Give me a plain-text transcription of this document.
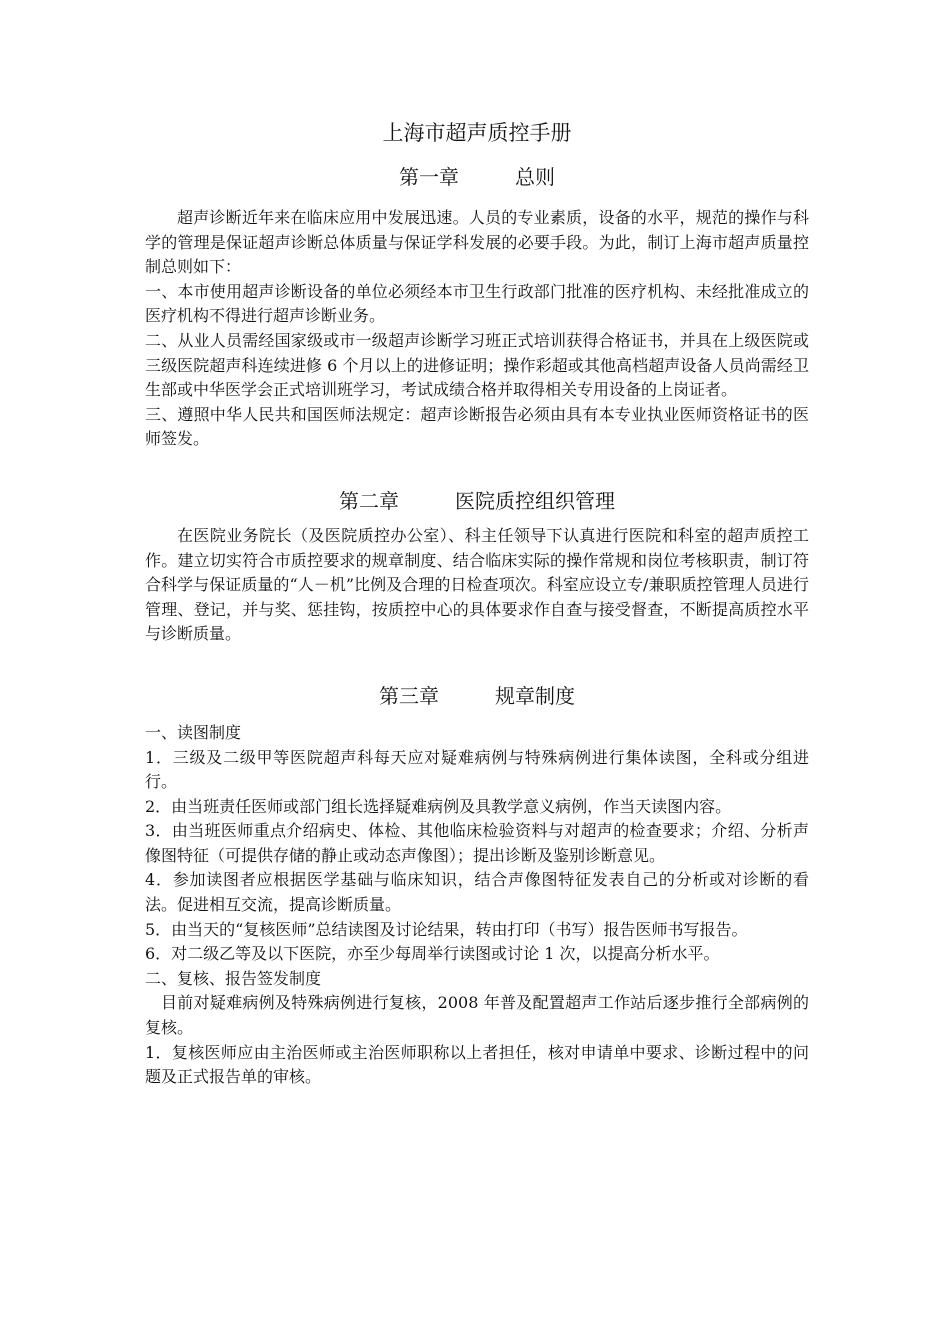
上海市超声质控手册
第一章	总则

超声诊断近年来在临床应用中发展迅速。人员的专业素质，设备的水平，规范的操作与科学的管理是保证超声诊断总体质量与保证学科发展的必要手段。为此，制订上海市超声质量控制总则如下：

一、本市使用超声诊断设备的单位必须经本市卫生行政部门批准的医疗机构、未经批准成立的医疗机构不得进行超声诊断业务。

二、从业人员需经国家级或市一级超声诊断学习班正式培训获得合格证书，并具在上级医院或三级医院超声科连续进修 6 个月以上的进修证明；操作彩超或其他高档超声设备人员尚需经卫生部或中华医学会正式培训班学习，考试成绩合格并取得相关专用设备的上岗证者。

三、遵照中华人民共和国医师法规定：超声诊断报告必须由具有本专业执业医师资格证书的医师签发。

第二章	医院质控组织管理

在医院业务院长（及医院质控办公室）、科主任领导下认真进行医院和科室的超声质控工作。建立切实符合市质控要求的规章制度、结合临床实际的操作常规和岗位考核职责，制订符合科学与保证质量的“人－机”比例及合理的日检查项次。科室应设立专/兼职质控管理人员进行管理、登记，并与奖、惩挂钩，按质控中心的具体要求作自查与接受督查，不断提高质控水平与诊断质量。

第三章	规章制度

一、读图制度

1．三级及二级甲等医院超声科每天应对疑难病例与特殊病例进行集体读图，全科或分组进行。

2．由当班责任医师或部门组长选择疑难病例及具教学意义病例，作当天读图内容。

3．由当班医师重点介绍病史、体检、其他临床检验资料与对超声的检查要求；介绍、分析声像图特征（可提供存储的静止或动态声像图）；提出诊断及鉴别诊断意见。

4．参加读图者应根据医学基础与临床知识，结合声像图特征发表自己的分析或对诊断的看法。促进相互交流，提高诊断质量。

5．由当天的“复核医师”总结读图及讨论结果，转由打印（书写）报告医师书写报告。

6．对二级乙等及以下医院，亦至少每周举行读图或讨论 1 次，以提高分析水平。

二、复核、报告签发制度

目前对疑难病例及特殊病例进行复核，2008 年普及配置超声工作站后逐步推行全部病例的复核。

1．复核医师应由主治医师或主治医师职称以上者担任，核对申请单中要求、诊断过程中的问题及正式报告单的审核。
